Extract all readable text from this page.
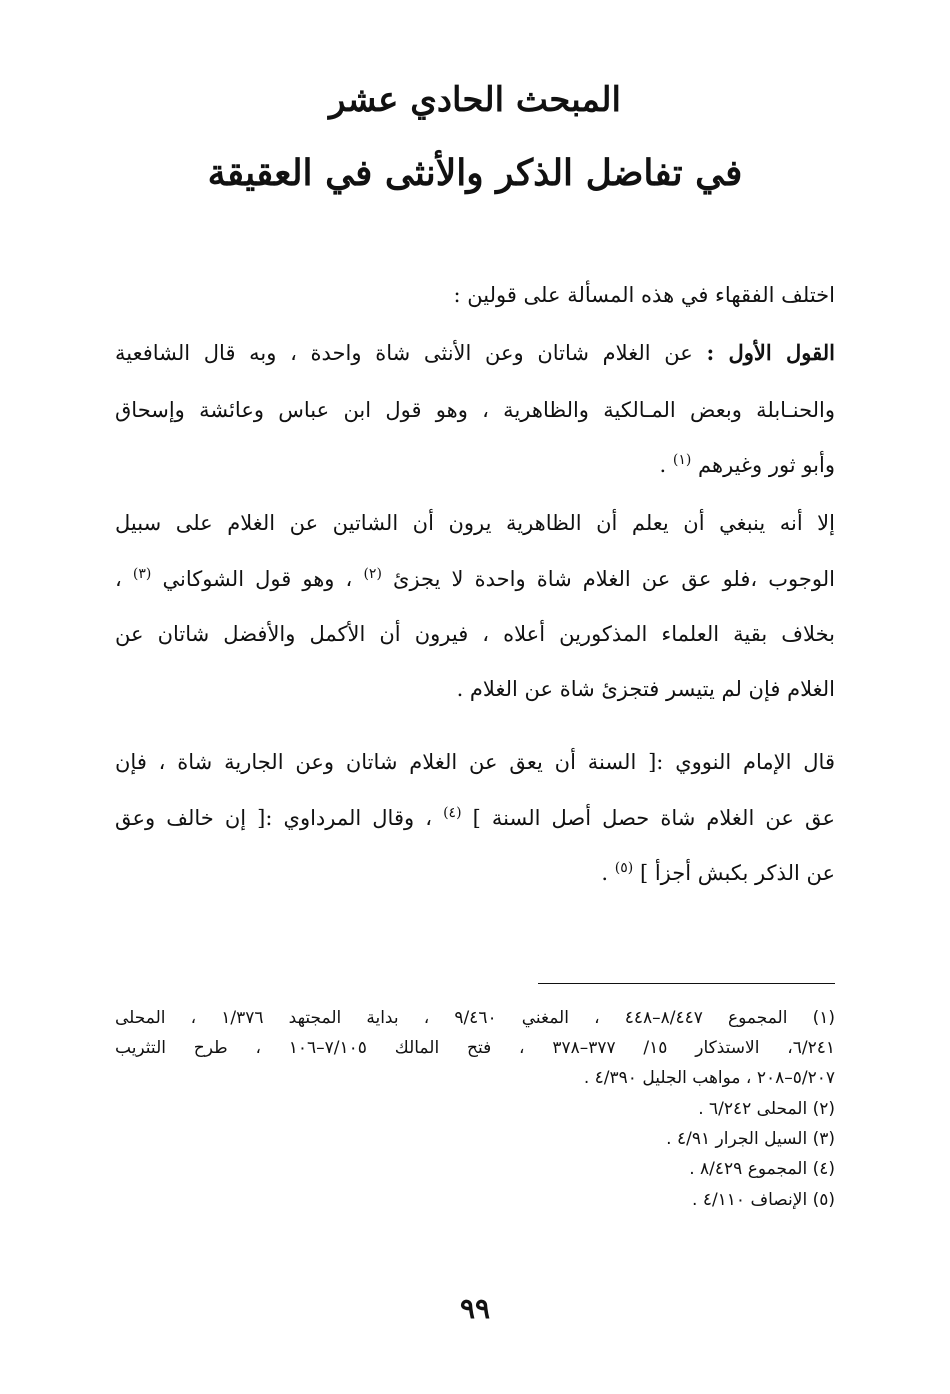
المبحث الحادي عشر
في تفاضل الذكر والأنثى في العقيقة
اختلف الفقهاء في هذه المسألة على قولين :
القول الأول : عن الغلام شاتان وعن الأنثى شاة واحدة ، وبه قال الشافعية
والحنـابلة وبعض المـالكية والظاهرية ، وهو قول ابن عباس وعائشة وإسحاق
وأبو ثور وغيرهم $^{(١)}$ .
إلا أنه ينبغي أن يعلم أن الظاهرية يرون أن الشاتين عن الغلام على سبيل
الوجوب ،فلو عق عن الغلام شاة واحدة لا يجزئ $^{(٢)}$ ، وهو قول الشوكاني $^{(٣)}$ ،
بخلاف بقية العلماء المذكورين أعلاه ، فيرون أن الأكمل والأفضل شاتان عن
الغلام فإن لم يتيسر فتجزئ شاة عن الغلام .
قال الإمام النووي :[ السنة أن يعق عن الغلام شاتان وعن الجارية شاة ، فإن
عق عن الغلام شاة حصل أصل السنة ] $^{(٤)}$ ، وقال المرداوي :[ إن خالف وعق
عن الذكر بكبش أجزأ ] $^{(٥)}$ .
(١) المجموع ٨/٤٤٧–٤٤٨ ، المغني ٩/٤٦٠ ، بداية المجتهد ١/٣٧٦ ، المحلى
٦/٢٤١، الاستذكار ١٥/ ٣٧٧–٣٧٨ ، فتح المالك ٧/١٠٥–١٠٦ ، طرح التثريب
٥/٢٠٧–٢٠٨ ، مواهب الجليل ٤/٣٩٠ .
(٢) المحلى ٦/٢٤٢ .
(٣) السيل الجرار ٤/٩١ .
(٤) المجموع ٨/٤٢٩ .
(٥) الإنصاف ٤/١١٠ .
٩٩
